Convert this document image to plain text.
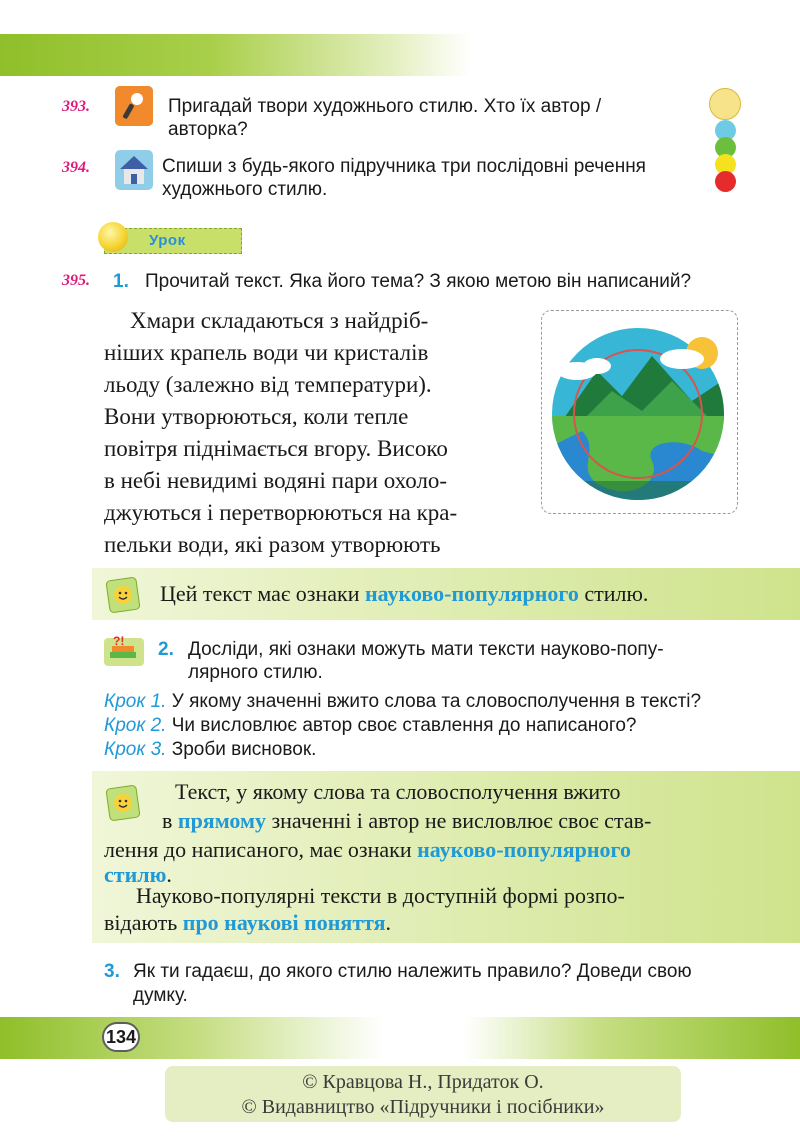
393.	Пригадай твори художнього стилю. Хто їх автор /
авторка?
394.	Спиши з будь-якого підручника три послідовні речення
художнього стилю.
Урок
395. 1. Прочитай текст. Яка його тема? З якою метою він написаний?
Хмари складаються з найдріб-
ніших крапель води чи кристалів
льоду (залежно від температури).
Вони утворюються, коли тепле
повітря піднімається вгору. Високо
в небі невидимі водяні пари охоло-
джуються і перетворюються на кра-
пельки води, які разом утворюють
Цей текст має ознаки науково-популярного стилю.
?! 2. Досліди, які ознаки можуть мати тексти науково-попу-
лярного стилю.
Крок 1. У якому значенні вжито слова та словосполучення в тексті?
Крок 2. Чи висловлює автор своє ставлення до написаного?
Крок 3. Зроби висновок.
Текст, у якому слова та словосполучення вжито
в прямому значенні і автор не висловлює своє став-
лення до написаного, має ознаки науково-популярного
стилю.
Науково-популярні тексти в доступній формі розпо-
відають про наукові поняття.
3. Як ти гадаєш, до якого стилю належить правило? Доведи свою
думку.
134
© Кравцова Н., Придаток О.
© Видавництво «Підручники і посібники»
